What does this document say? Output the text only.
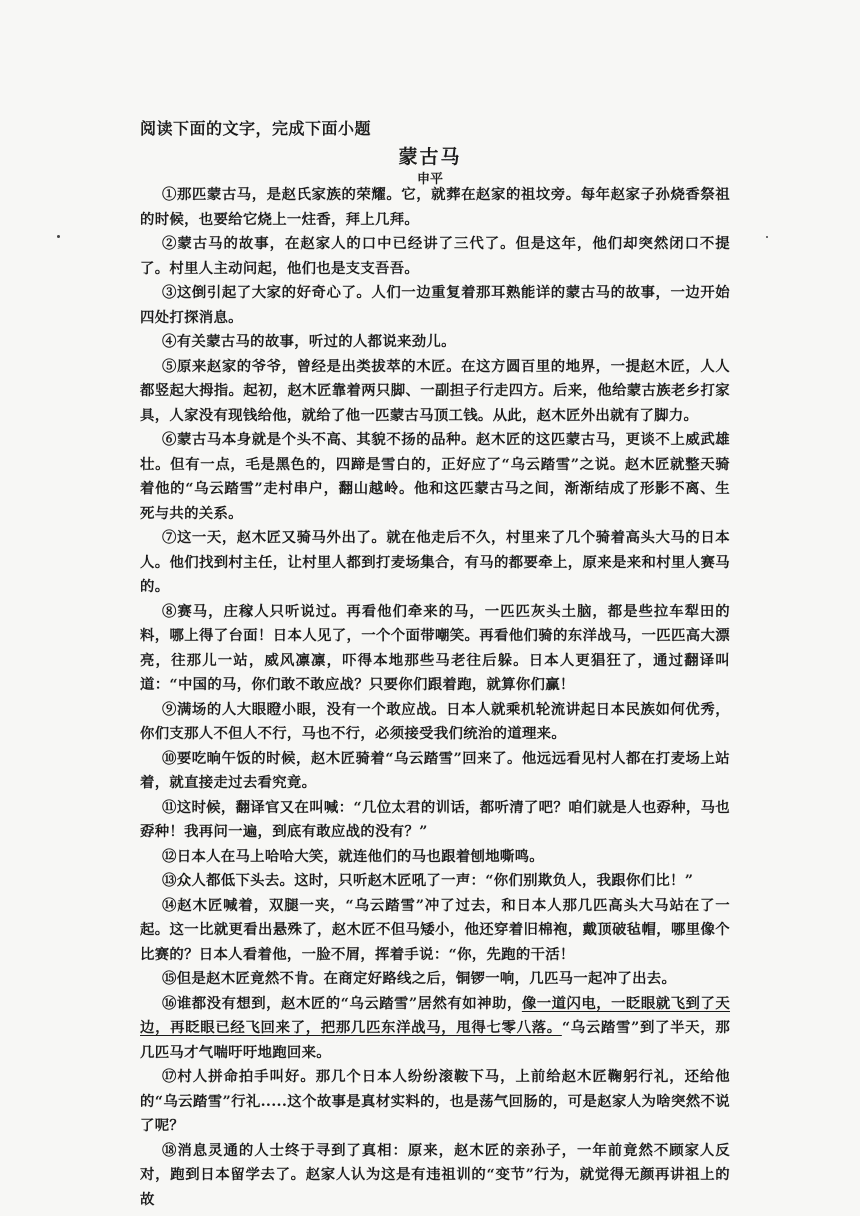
阅读下面的文字，完成下面小题
蒙古马
申平

①那匹蒙古马，是赵氏家族的荣耀。它，就葬在赵家的祖坟旁。每年赵家子孙烧香祭祖的时候，也要给它烧上一炷香，拜上几拜。

②蒙古马的故事，在赵家人的口中已经讲了三代了。但是这年，他们却突然闭口不提了。村里人主动问起，他们也是支支吾吾。

③这倒引起了大家的好奇心了。人们一边重复着那耳熟能详的蒙古马的故事，一边开始四处打探消息。

④有关蒙古马的故事，听过的人都说来劲儿。

⑤原来赵家的爷爷，曾经是出类拔萃的木匠。在这方圆百里的地界，一提赵木匠，人人都竖起大拇指。起初，赵木匠靠着两只脚、一副担子行走四方。后来，他给蒙古族老乡打家具，人家没有现钱给他，就给了他一匹蒙古马顶工钱。从此，赵木匠外出就有了脚力。

⑥蒙古马本身就是个头不高、其貌不扬的品种。赵木匠的这匹蒙古马，更谈不上威武雄壮。但有一点，毛是黑色的，四蹄是雪白的，正好应了“乌云踏雪”之说。赵木匠就整天骑着他的“乌云踏雪”走村串户，翻山越岭。他和这匹蒙古马之间，渐渐结成了形影不离、生死与共的关系。

⑦这一天，赵木匠又骑马外出了。就在他走后不久，村里来了几个骑着高头大马的日本人。他们找到村主任，让村里人都到打麦场集合，有马的都要牵上，原来是来和村里人赛马的。

⑧赛马，庄稼人只听说过。再看他们牵来的马，一匹匹灰头土脑，都是些拉车犁田的料，哪上得了台面！日本人见了，一个个面带嘲笑。再看他们骑的东洋战马，一匹匹高大漂亮，往那儿一站，威风凛凛，吓得本地那些马老往后躲。日本人更猖狂了，通过翻译叫道：“中国的马，你们敢不敢应战？只要你们跟着跑，就算你们赢！

⑨满场的人大眼瞪小眼，没有一个敢应战。日本人就乘机轮流讲起日本民族如何优秀，你们支那人不但人不行，马也不行，必须接受我们统治的道理来。

⑩要吃晌午饭的时候，赵木匠骑着“乌云踏雪”回来了。他远远看见村人都在打麦场上站着，就直接走过去看究竟。

⑪这时候，翻译官又在叫喊：“几位太君的训话，都听清了吧？咱们就是人也孬种，马也孬种！我再问一遍，到底有敢应战的没有？”

⑫日本人在马上哈哈大笑，就连他们的马也跟着刨地嘶鸣。

⑬众人都低下头去。这时，只听赵木匠吼了一声：“你们别欺负人，我跟你们比！”

⑭赵木匠喊着，双腿一夹，“乌云踏雪”冲了过去，和日本人那几匹高头大马站在了一起。这一比就更看出悬殊了，赵木匠不但马矮小，他还穿着旧棉袍，戴顶破毡帽，哪里像个比赛的？日本人看着他，一脸不屑，挥着手说：“你，先跑的干活！

⑮但是赵木匠竟然不肯。在商定好路线之后，铜锣一响，几匹马一起冲了出去。

⑯谁都没有想到，赵木匠的“乌云踏雪”居然有如神助，像一道闪电，一眨眼就飞到了天边，再眨眼已经飞回来了，把那几匹东洋战马，甩得七零八落。“乌云踏雪”到了半天，那几匹马才气喘吁吁地跑回来。

⑰村人拼命拍手叫好。那几个日本人纷纷滚鞍下马，上前给赵木匠鞠躬行礼，还给他的“乌云踏雪”行礼.....这个故事是真材实料的，也是荡气回肠的，可是赵家人为啥突然不说了呢？

⑱消息灵通的人士终于寻到了真相：原来，赵木匠的亲孙子，一年前竟然不顾家人反对，跑到日本留学去了。赵家人认为这是有违祖训的“变节”行为，就觉得无颜再讲祖上的故
